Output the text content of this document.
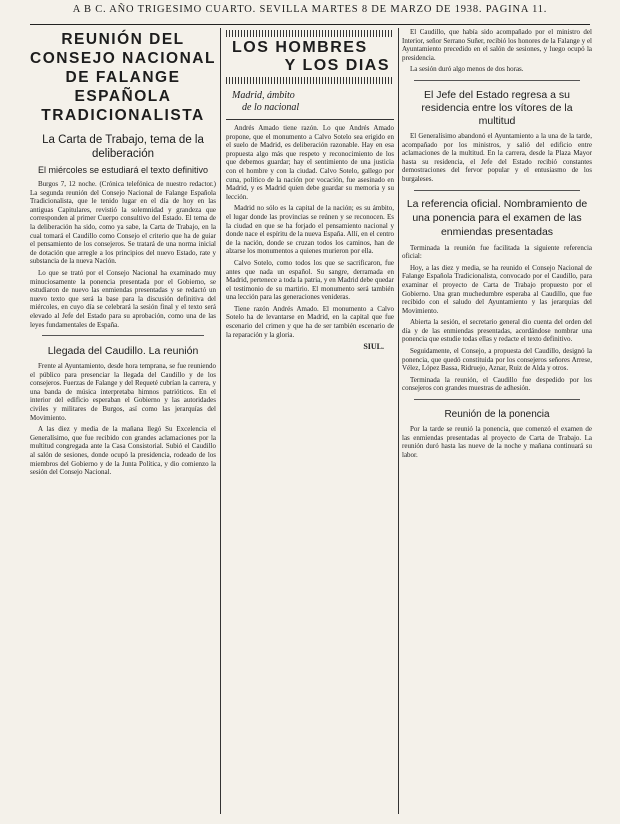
A B C. AÑO TRIGESIMO CUARTO. SEVILLA MARTES 8 DE MARZO DE 1938. PAGINA 11.
REUNIÓN DEL CONSEJO NACIONAL DE FALANGE ESPAÑOLA TRADICIONALISTA
La Carta de Trabajo, tema de la deliberación
El miércoles se estudiará el texto definitivo

Burgos 7, 12 noche. (Crónica telefónica de nuestro redactor.) La segunda reunión del Consejo Nacional de Falange Española Tradicionalista, que le tenido lugar en el día de hoy en las antiguas Capitulares, revistió la solemnidad y grandeza que corresponden al primer Cuerpo consultivo del Estado. El tema de la deliberación ha sido, como ya sabe, la Carta de Trabajo, en la cual tomará el Caudillo como Consejo el criterio que ha de guiar el pensamiento de los consejeros. Se tratará de una norma inicial de dotación que arregle a los principios del nuevo Estado, rate y substancia de la nueva Nación.

Lo que se trató por el Consejo Nacional ha examinado muy minuciosamente la ponencia presentada por el Gobierno, se estudiaron de nuevo las enmiendas presentadas y se redactó un nuevo texto que será la base para la discusión definitiva del miércoles, en cuyo día se celebrará la sesión final y el texto será elevado al Jefe del Estado para su aprobación, como una de las leyes fundamentales de España.

Llegada del Caudillo. La reunión

Frente al Ayuntamiento, desde hora temprana, se fue reuniendo el público para presenciar la llegada del Caudillo y de los consejeros. Fuerzas de Falange y del Requeté cubrían la carrera, y una banda de música interpretaba himnos patrióticos. En el interior del edificio esperaban el Gobierno y las autoridades civiles y militares de Burgos, así como las jerarquías del Movimiento.

A las diez y media de la mañana llegó Su Excelencia el Generalísimo, que fue recibido con grandes aclamaciones por la multitud congregada ante la Casa Consistorial. Subió el Caudillo al salón de sesiones, donde ocupó la presidencia, rodeado de los miembros del Gobierno y de la Junta Política, y dio comienzo la sesión del Consejo Nacional.

LOS HOMBRES
Y LOS DIAS
Madrid, ámbito
de lo nacional

Andrés Amado tiene razón. Lo que Andrés Amado propone, que el monumento a Calvo Sotelo sea erigido en el suelo de Madrid, es deliberación razonable. Hay en esa propuesta algo más que respeto y reconocimiento de los que debemos guardar; hay el sentimiento de una justicia con el hombre y con la ciudad. Calvo Sotelo, gallego por cuna, político de la nación por vocación, fue asesinado en Madrid, y es Madrid quien debe guardar su memoria y su lección.

Madrid no sólo es la capital de la nación; es su ámbito, el lugar donde las provincias se reúnen y se reconocen. Es la ciudad en que se ha forjado el pensamiento nacional y donde nace el espíritu de la nueva España. Allí, en el centro de la nación, donde se cruzan todos los caminos, han de alzarse los monumentos a quienes murieron por ella.

Calvo Sotelo, como todos los que se sacrificaron, fue antes que nada un español. Su sangre, derramada en Madrid, pertenece a toda la patria, y en Madrid debe quedar el testimonio de su martirio. El monumento será también una lección para las generaciones venideras.

Tiene razón Andrés Amado. El monumento a Calvo Sotelo ha de levantarse en Madrid, en la capital que fue escenario del crimen y que ha de ser también escenario de la reparación y la gloria.

SIUL.

El Caudillo, que había sido acompañado por el ministro del Interior, señor Serrano Suñer, recibió los honores de la Falange y el Ayuntamiento precedido en el salón de sesiones, y luego ocupó la presidencia.

La sesión duró algo menos de dos horas.

El Jefe del Estado regresa a su residencia entre los vítores de la multitud

El Generalísimo abandonó el Ayuntamiento a la una de la tarde, acompañado por los ministros, y salió del edificio entre aclamaciones de la multitud. En la carrera, desde la Plaza Mayor hasta su residencia, el Jefe del Estado recibió constantes demostraciones del fervor popular y el entusiasmo de los burgaleses.

La referencia oficial. Nombramiento de una ponencia para el examen de las enmiendas presentadas

Terminada la reunión fue facilitada la siguiente referencia oficial:

Hoy, a las diez y media, se ha reunido el Consejo Nacional de Falange Española Tradicionalista, convocado por el Caudillo, para examinar el proyecto de Carta de Trabajo propuesto por el Gobierno. Una gran muchedumbre esperaba al Caudillo, que fue recibido con el saludo del Ayuntamiento y las jerarquías del Movimiento.

Abierta la sesión, el secretario general dio cuenta del orden del día y de las enmiendas presentadas, acordándose nombrar una ponencia que estudie todas ellas y redacte el texto definitivo.

Seguidamente, el Consejo, a propuesta del Caudillo, designó la ponencia, que quedó constituida por los consejeros señores Arrese, Vélez, López Bassa, Ridruejo, Aznar, Ruiz de Alda y otros.

Terminada la reunión, el Caudillo fue despedido por los consejeros con grandes muestras de adhesión.

Reunión de la ponencia

Por la tarde se reunió la ponencia, que comenzó el examen de las enmiendas presentadas al proyecto de Carta de Trabajo. La reunión duró hasta las nueve de la noche y mañana continuará su labor.
